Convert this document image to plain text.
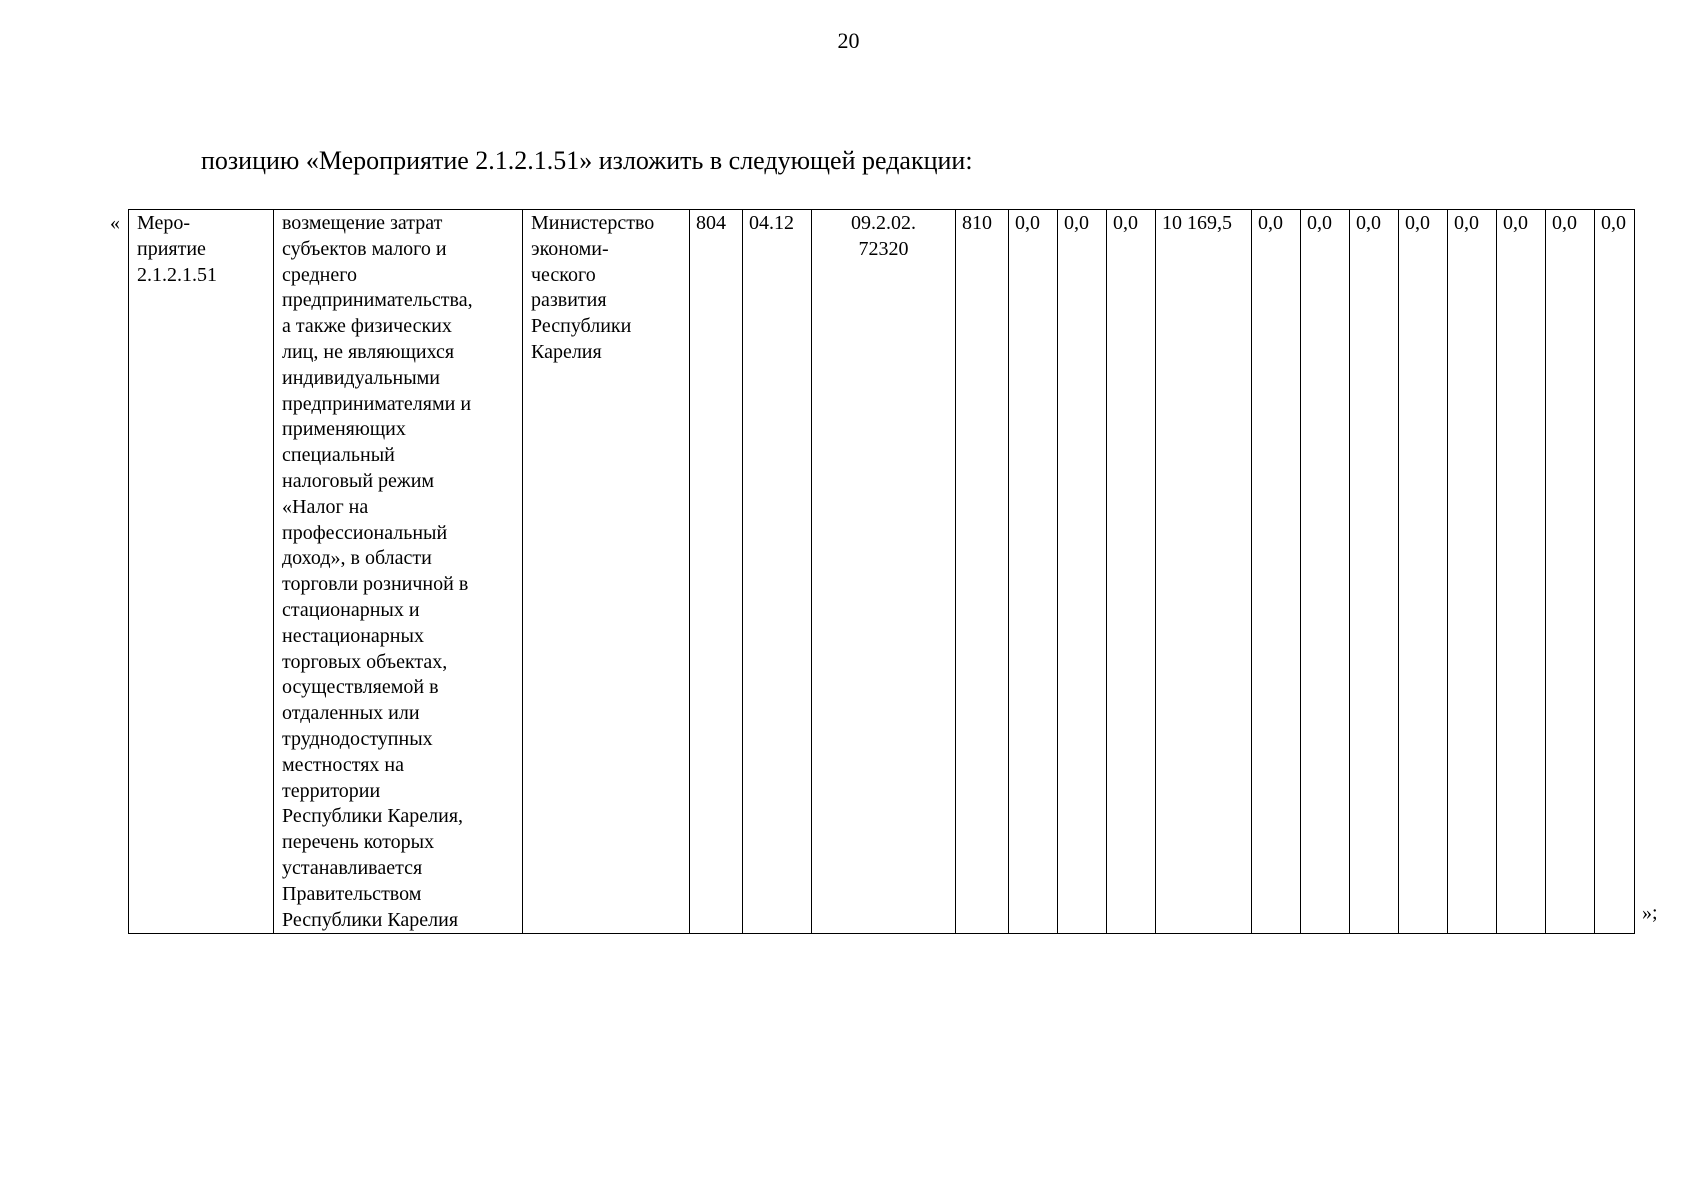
20
позицию «Мероприятие 2.1.2.1.51» изложить в следующей редакции:
« Меро-
приятие
2.1.2.1.51	возмещение затрат
субъектов малого и
среднего
предпринимательства,
а также физических
лиц, не являющихся
индивидуальными
предпринимателями и
применяющих
специальный
налоговый режим
«Налог на
профессиональный
доход», в области
торговли розничной в
стационарных и
нестационарных
торговых объектах,
осуществляемой в
отдаленных или
труднодоступных
местностях на
территории
Республики Карелия,
перечень которых
устанавливается
Правительством
Республики Карелия	Министерство
экономи-
ческого
развития
Республики
Карелия	804	04.12	09.2.02.
72320	810	0,0	0,0	0,0	10 169,5	0,0	0,0	0,0	0,0	0,0	0,0	0,0	0,0
»;
